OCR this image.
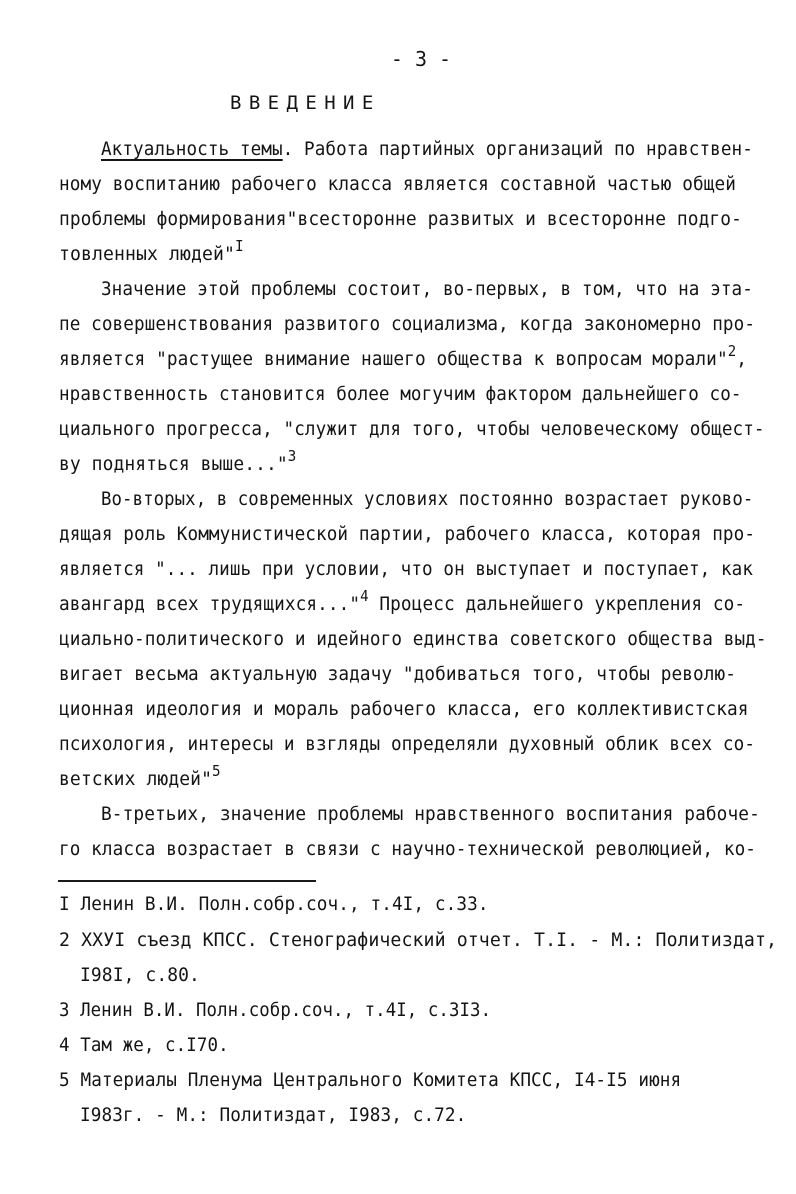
- 3 -
ВВЕДЕНИЕ
Актуальность темы. Работа партийных организаций по нравствен-
ному воспитанию рабочего класса является составной частью общей
проблемы формирования"всесторонне развитых и всесторонне подго-
товленных людей"$^I$
Значение этой проблемы состоит, во-первых, в том, что на эта-
пе совершенствования развитого социализма, когда закономерно про-
является "растущее внимание нашего общества к вопросам морали"$^2$,
нравственность становится более могучим фактором дальнейшего со-
циального прогресса, "служит для того, чтобы человеческому общест-
ву подняться выше..."$^3$
Во-вторых, в современных условиях постоянно возрастает руково-
дящая роль Коммунистической партии, рабочего класса, которая про-
является "... лишь при условии, что он выступает и поступает, как
авангард всех трудящихся..."$^4$ Процесс дальнейшего укрепления со-
циально-политического и идейного единства советского общества выд-
вигает весьма актуальную задачу "добиваться того, чтобы револю-
ционная идеология и мораль рабочего класса, его коллективистская
психология, интересы и взгляды определяли духовный облик всех со-
ветских людей"$^5$
В-третьих, значение проблемы нравственного воспитания рабоче-
го класса возрастает в связи с научно-технической революцией, ко-
I Ленин В.И. Полн.собр.соч., т.4I, с.33.
2 ХХУI съезд КПСС. Стенографический отчет. Т.I. - М.: Политиздат,
I98I, с.80.
3 Ленин В.И. Полн.собр.соч., т.4I, с.3I3.
4 Там же, с.I70.
5 Материалы Пленума Центрального Комитета КПСС, I4-I5 июня
I983г. - М.: Политиздат, I983, с.72.
